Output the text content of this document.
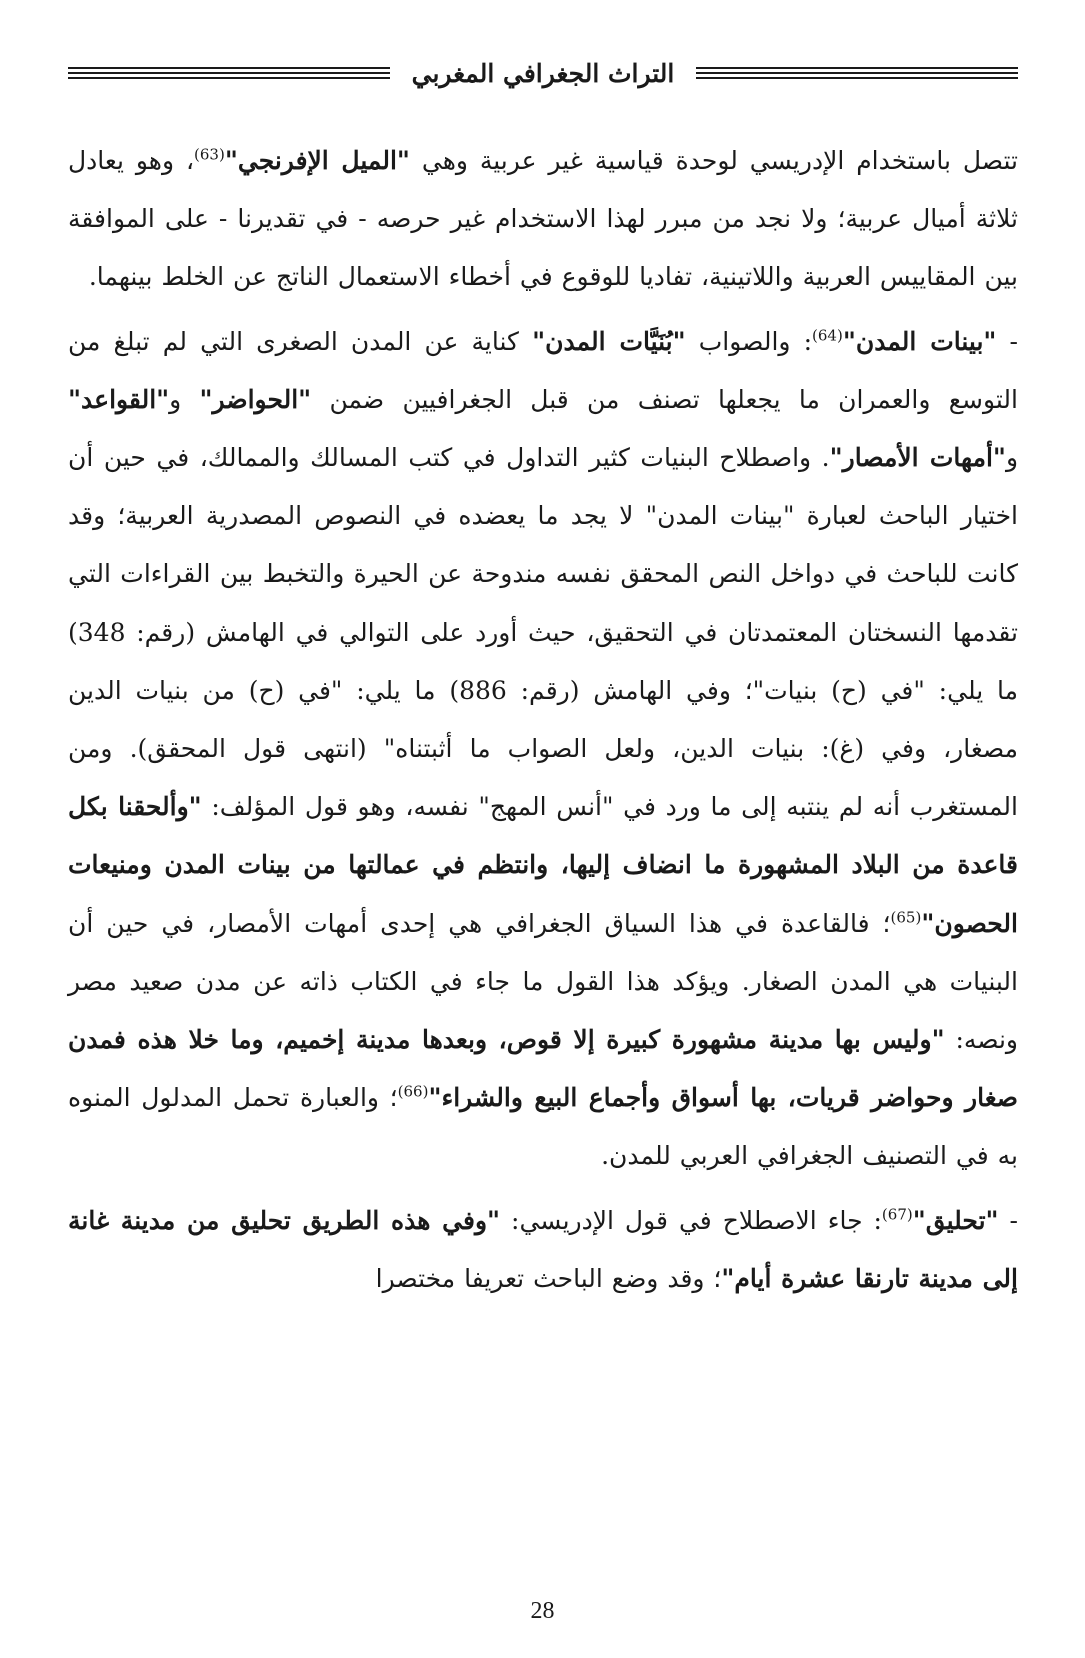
التراث الجغرافي المغربي

تتصل باستخدام الإدريسي لوحدة قياسية غير عربية وهي "الميل الإفرنجي"$^{(63)}$، وهو يعادل ثلاثة أميال عربية؛ ولا نجد من مبرر لهذا الاستخدام غير حرصه - في تقديرنا - على الموافقة بين المقاييس العربية واللاتينية، تفاديا للوقوع في أخطاء الاستعمال الناتج عن الخلط بينهما.

- "بينات المدن"$^{(64)}$: والصواب "بُنَيَّات المدن" كناية عن المدن الصغرى التي لم تبلغ من التوسع والعمران ما يجعلها تصنف من قبل الجغرافيين ضمن "الحواضر" و"القواعد" و"أمهات الأمصار". واصطلاح البنيات كثير التداول في كتب المسالك والممالك، في حين أن اختيار الباحث لعبارة "بينات المدن" لا يجد ما يعضده في النصوص المصدرية العربية؛ وقد كانت للباحث في دواخل النص المحقق نفسه مندوحة عن الحيرة والتخبط بين القراءات التي تقدمها النسختان المعتمدتان في التحقيق، حيث أورد على التوالي في الهامش (رقم: 348) ما يلي: "في (ح) بنيات"؛ وفي الهامش (رقم: 886) ما يلي: "في (ح) من بنيات الدين مصغار، وفي (غ): بنيات الدين، ولعل الصواب ما أثبتناه" (انتهى قول المحقق). ومن المستغرب أنه لم ينتبه إلى ما ورد في "أنس المهج" نفسه، وهو قول المؤلف: "وألحقنا بكل قاعدة من البلاد المشهورة ما انضاف إليها، وانتظم في عمالتها من بينات المدن ومنيعات الحصون"$^{(65)}$؛ فالقاعدة في هذا السياق الجغرافي هي إحدى أمهات الأمصار، في حين أن البنيات هي المدن الصغار. ويؤكد هذا القول ما جاء في الكتاب ذاته عن مدن صعيد مصر ونصه: "وليس بها مدينة مشهورة كبيرة إلا قوص، وبعدها مدينة إخميم، وما خلا هذه فمدن صغار وحواضر قريات، بها أسواق وأجماع البيع والشراء"$^{(66)}$؛ والعبارة تحمل المدلول المنوه به في التصنيف الجغرافي العربي للمدن.

- "تحليق"$^{(67)}$: جاء الاصطلاح في قول الإدريسي: "وفي هذه الطريق تحليق من مدينة غانة إلى مدينة تارنقا عشرة أيام"؛ وقد وضع الباحث تعريفا مختصرا

28
